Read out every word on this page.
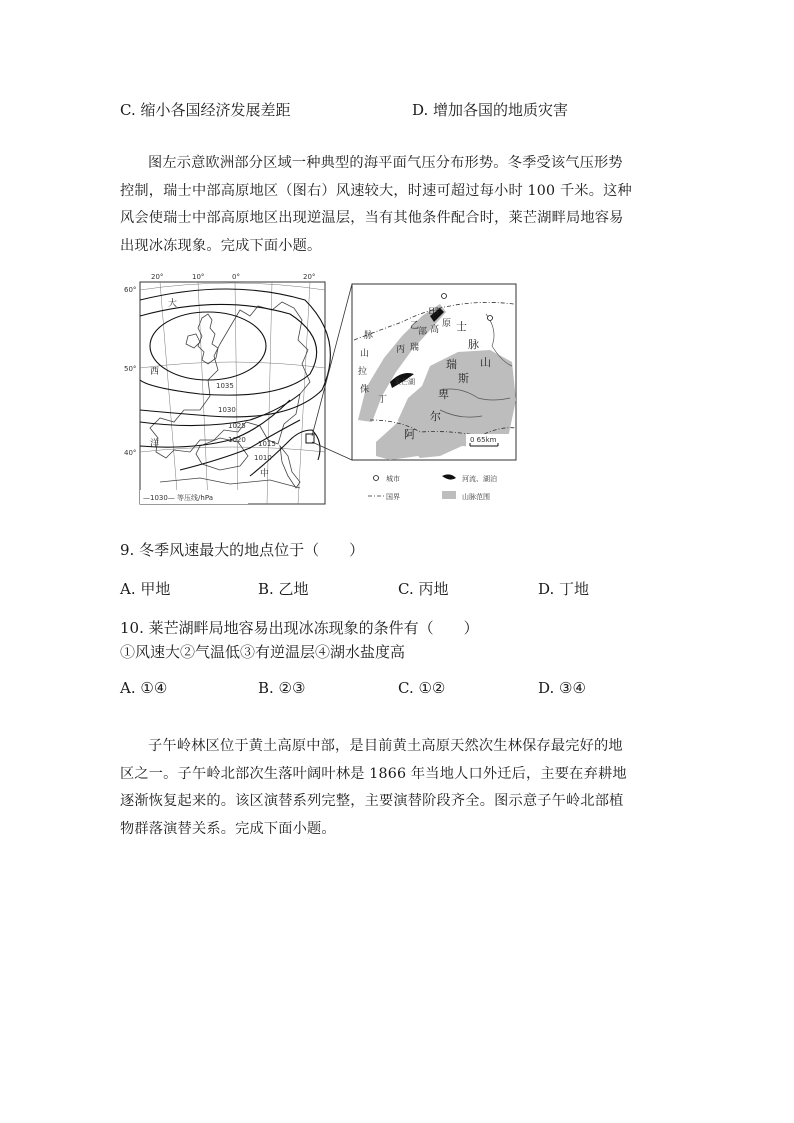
C. 缩小各国经济发展差距	D. 增加各国的地质灾害
图左示意欧洲部分区域一种典型的海平面气压分布形势。冬季受该气压形势
控制，瑞士中部高原地区（图右）风速较大，时速可超过每小时 100 千米。这种
风会使瑞士中部高原地区出现逆温层，当有其他条件配合时，莱芒湖畔局地容易
出现冰冻现象。完成下面小题。
20°	10°	0°	20°
60°
50°
40°
1035
1030
1025
1020 1015
1010
大
西
洋
中
—1030— 等压线/hPa
甲
乙
丙
丁
脉
山
拉
侏
瑞
部 高
原 士
瑞
脉
斯
山
卑
尔
阿
莱芒湖
0 65km
城市	河流、湖泊
国界	山脉范围
9. 冬季风速最大的地点位于（　　）
A. 甲地	B. 乙地	C. 丙地	D. 丁地
10. 莱芒湖畔局地容易出现冰冻现象的条件有（　　）
①风速大②气温低③有逆温层④湖水盐度高
A. ①④	B. ②③	C. ①②	D. ③④
子午岭林区位于黄土高原中部，是目前黄土高原天然次生林保存最完好的地
区之一。子午岭北部次生落叶阔叶林是 1866 年当地人口外迁后，主要在弃耕地
逐渐恢复起来的。该区演替系列完整，主要演替阶段齐全。图示意子午岭北部植
物群落演替关系。完成下面小题。
